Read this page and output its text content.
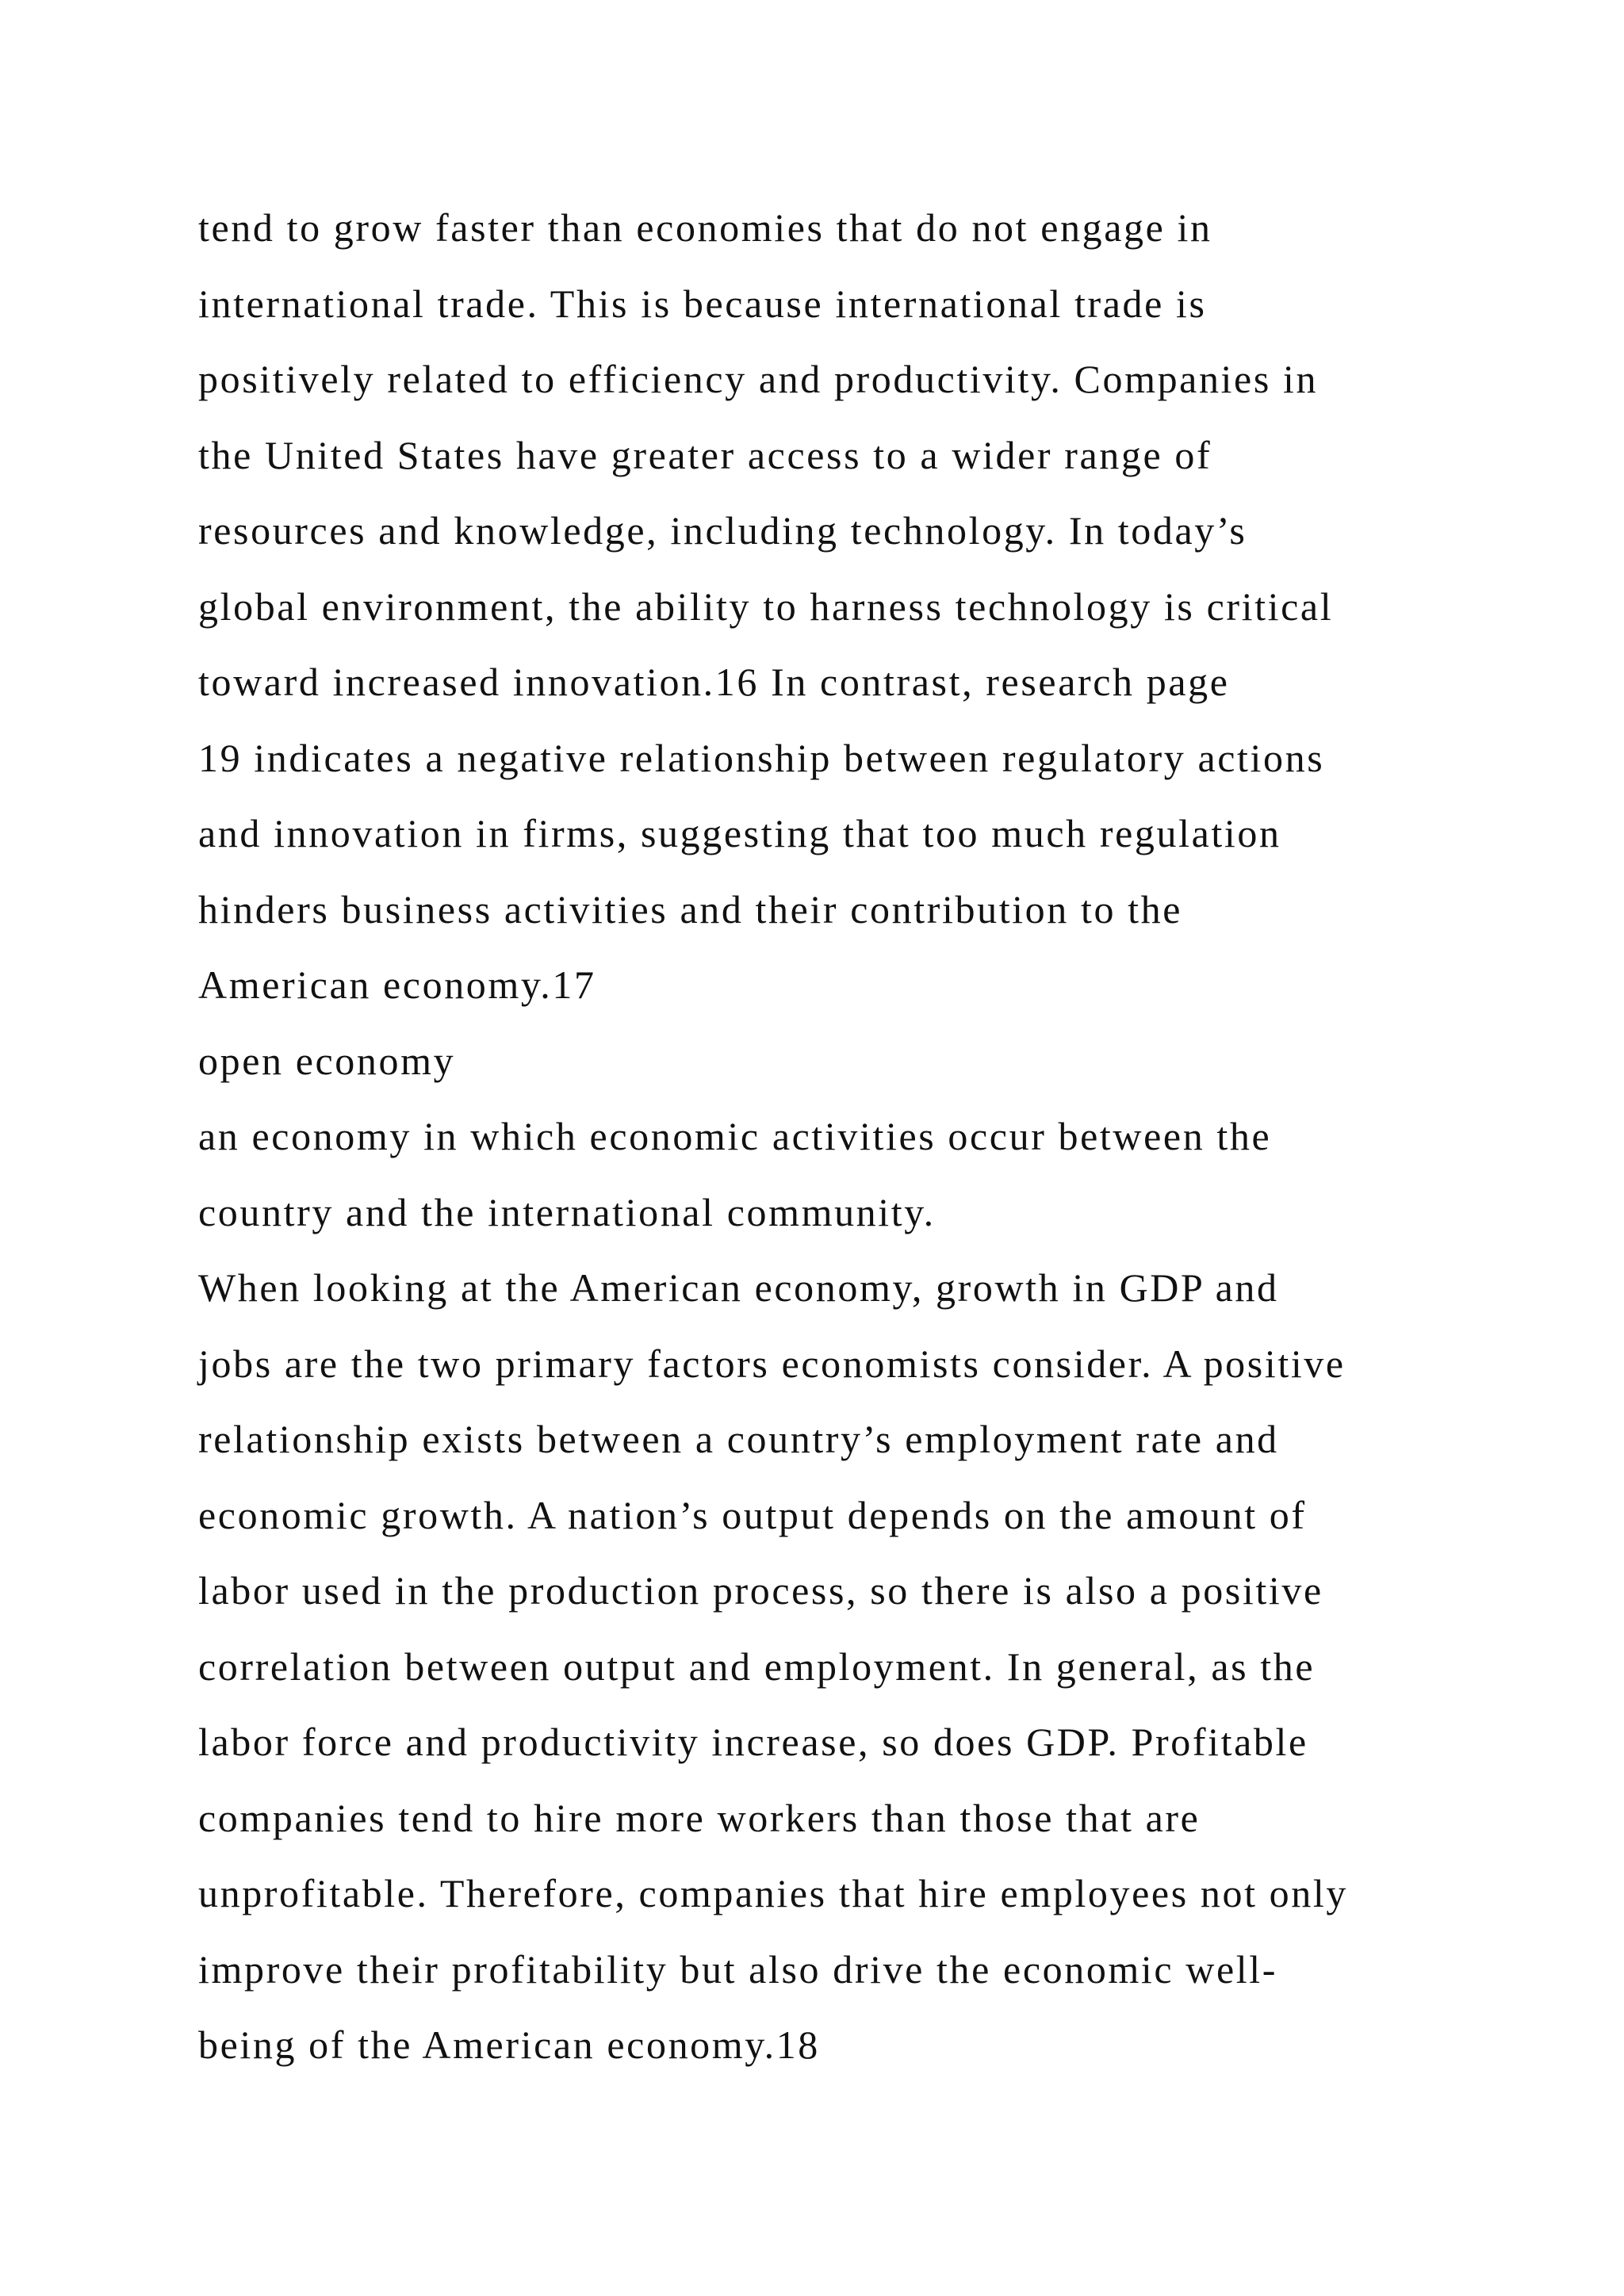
tend to grow faster than economies that do not engage in
international trade. This is because international trade is
positively related to efficiency and productivity. Companies in
the United States have greater access to a wider range of
resources and knowledge, including technology. In today’s
global environment, the ability to harness technology is critical
toward increased innovation.16 In contrast, research page
19 indicates a negative relationship between regulatory actions
and innovation in firms, suggesting that too much regulation
hinders business activities and their contribution to the
American economy.17
open economy
an economy in which economic activities occur between the
country and the international community.
When looking at the American economy, growth in GDP and
jobs are the two primary factors economists consider. A positive
relationship exists between a country’s employment rate and
economic growth. A nation’s output depends on the amount of
labor used in the production process, so there is also a positive
correlation between output and employment. In general, as the
labor force and productivity increase, so does GDP. Profitable
companies tend to hire more workers than those that are
unprofitable. Therefore, companies that hire employees not only
improve their profitability but also drive the economic well-
being of the American economy.18
